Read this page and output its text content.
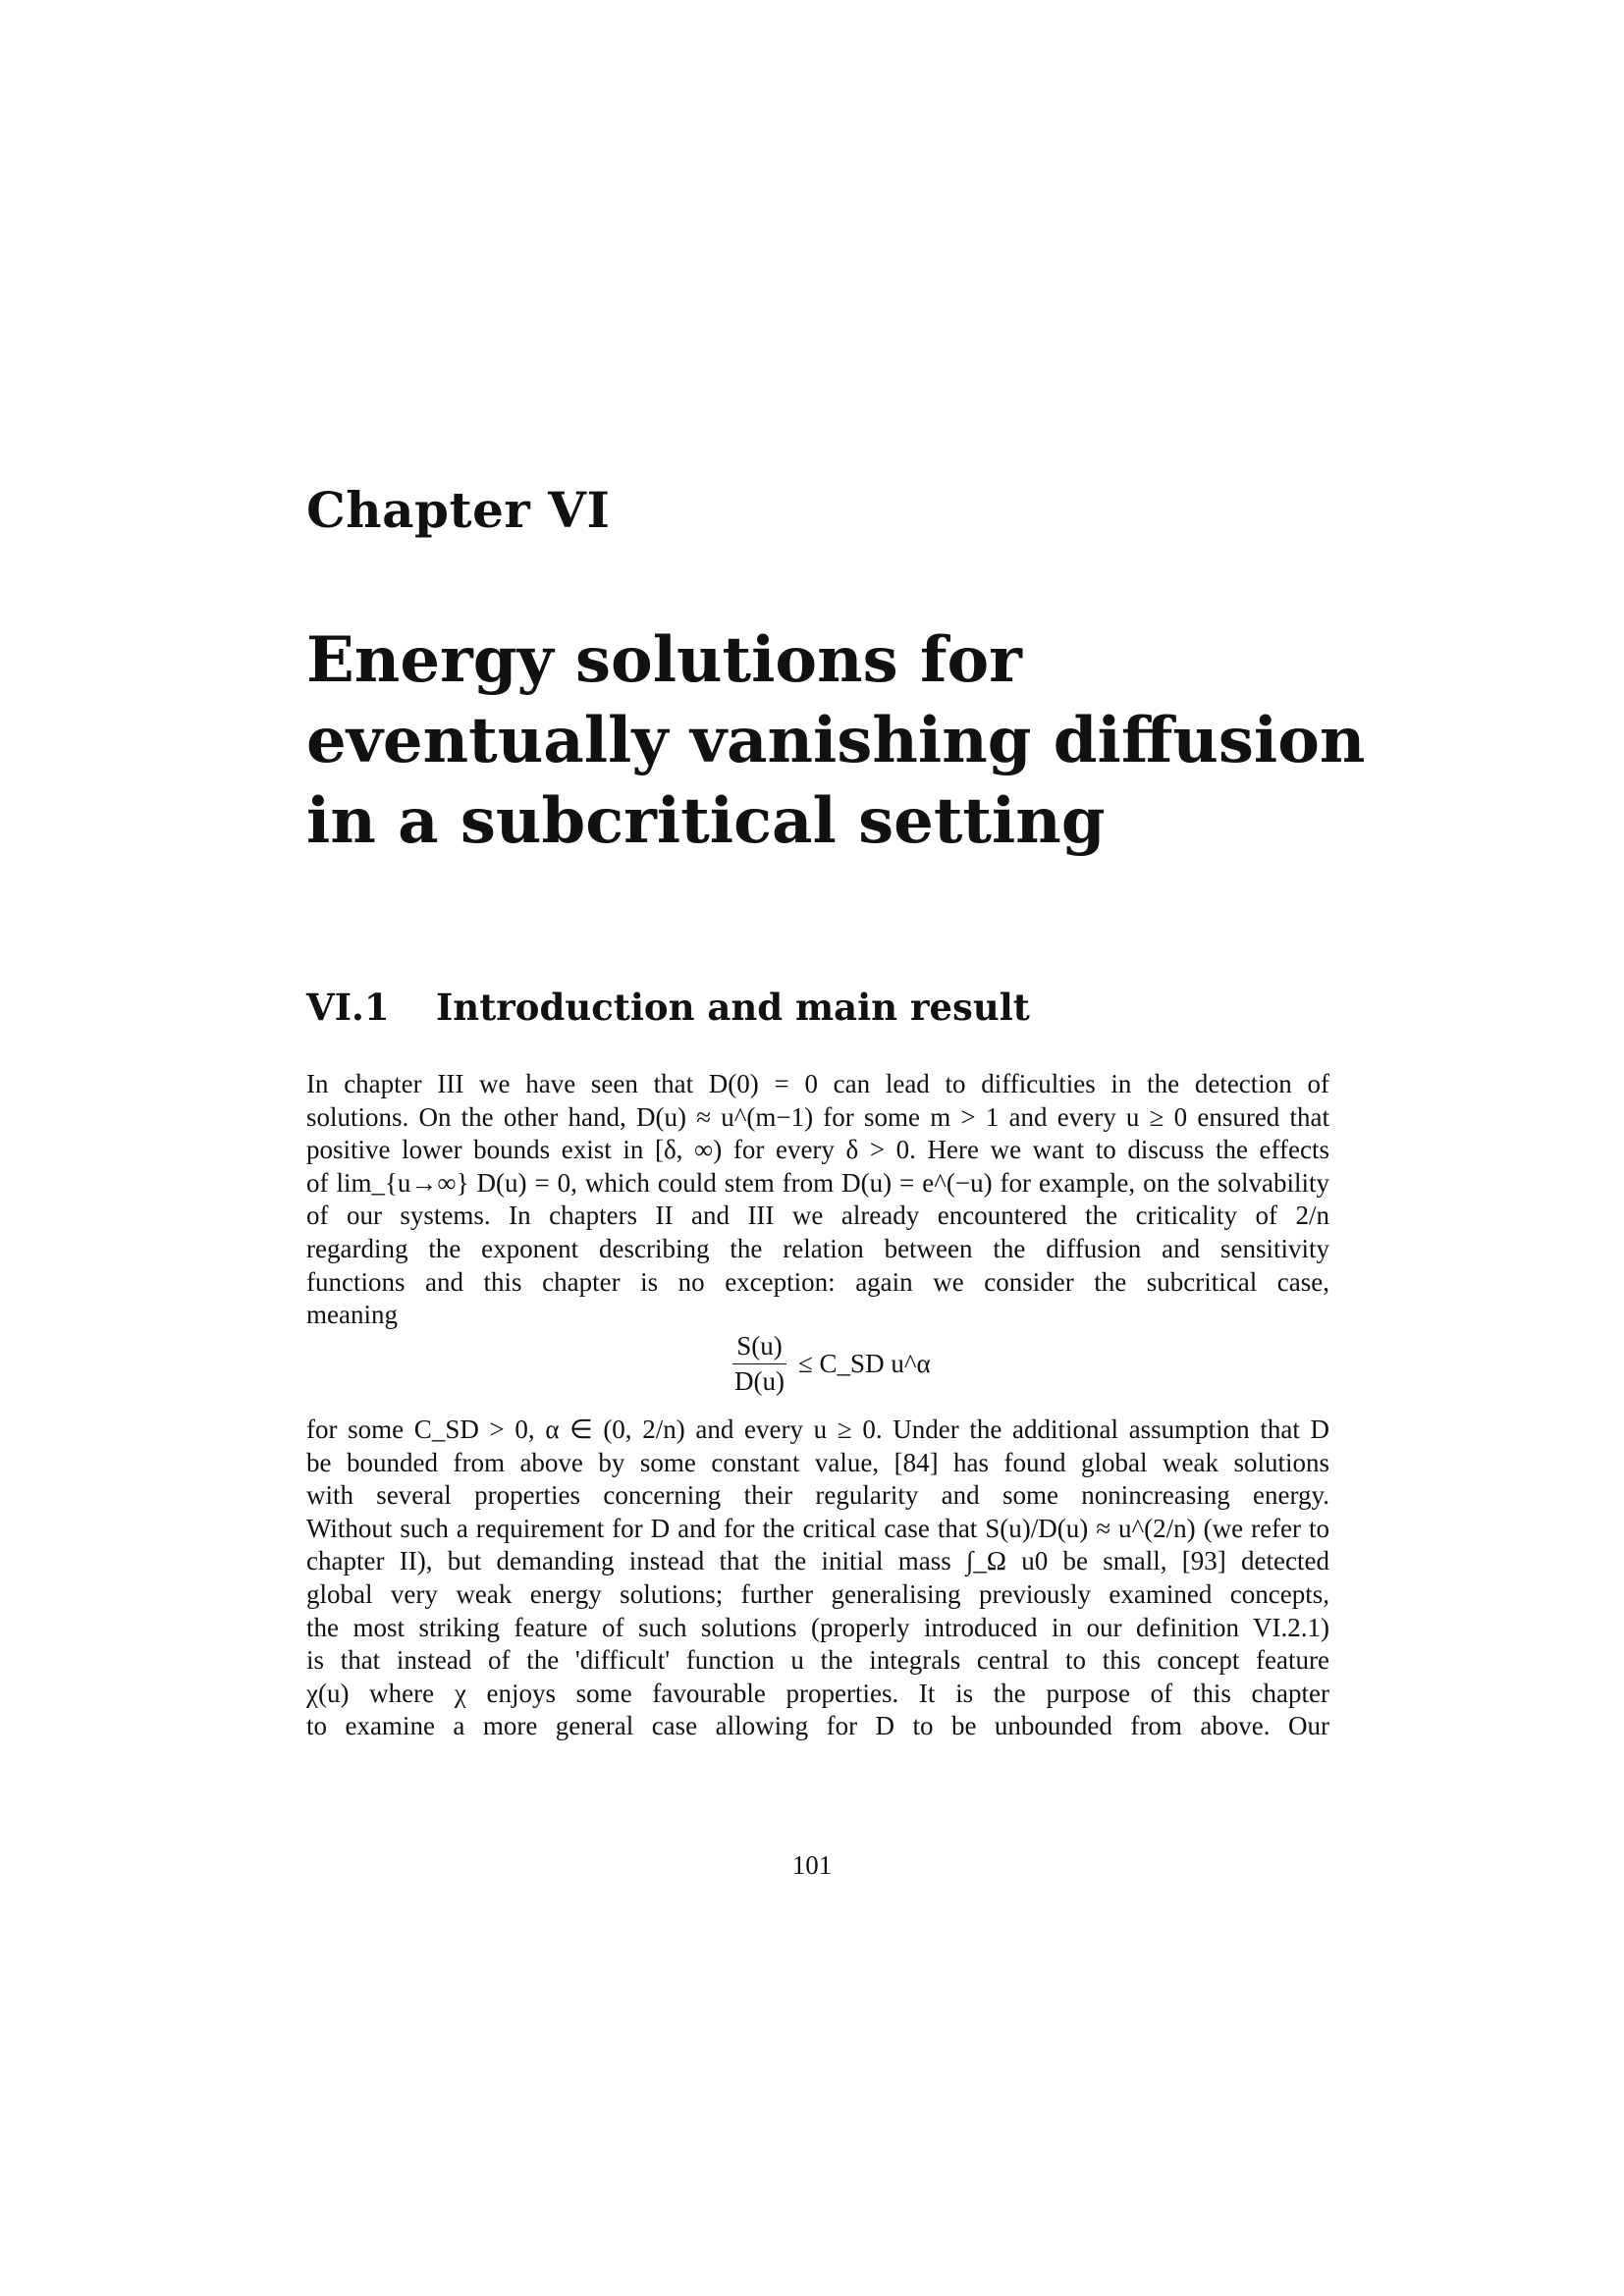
Chapter VI
Energy solutions for
eventually vanishing diffusion
in a subcritical setting
VI.1 Introduction and main result
In chapter III we have seen that D(0) = 0 can lead to difficulties in the detection of
solutions. On the other hand, D(u) ≈ u^(m−1) for some m > 1 and every u ≥ 0 ensured that
positive lower bounds exist in [δ, ∞) for every δ > 0. Here we want to discuss the effects
of lim_{u→∞} D(u) = 0, which could stem from D(u) = e^(−u) for example, on the solvability
of our systems. In chapters II and III we already encountered the criticality of 2/n
regarding the exponent describing the relation between the diffusion and sensitivity
functions and this chapter is no exception: again we consider the subcritical case,
meaning
$\frac{S(u)}{D(u)}$ ≤ C_SD u^α
for some C_SD > 0, α ∈ (0, 2/n) and every u ≥ 0. Under the additional assumption that D
be bounded from above by some constant value, [84] has found global weak solutions
with several properties concerning their regularity and some nonincreasing energy.
Without such a requirement for D and for the critical case that S(u)/D(u) ≈ u^(2/n) (we refer to
chapter II), but demanding instead that the initial mass ∫_Ω u0 be small, [93] detected
global very weak energy solutions; further generalising previously examined concepts,
the most striking feature of such solutions (properly introduced in our definition VI.2.1)
is that instead of the 'difficult' function u the integrals central to this concept feature
χ(u) where χ enjoys some favourable properties. It is the purpose of this chapter
to examine a more general case allowing for D to be unbounded from above. Our
101
